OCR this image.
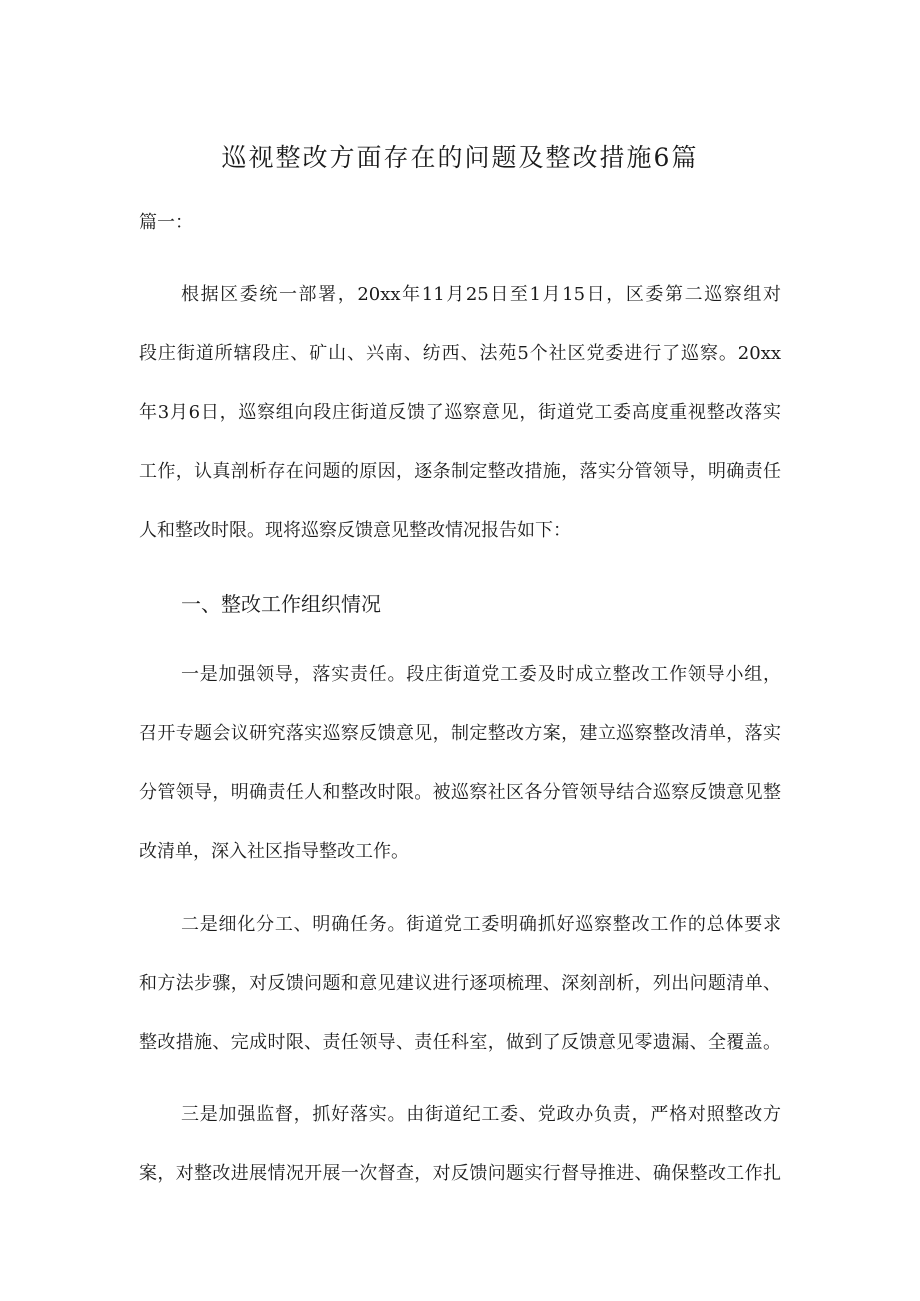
巡视整改方面存在的问题及整改措施6篇
篇一：
根据区委统一部署，20xx年11月25日至1月15日，区委第二巡察组对
段庄街道所辖段庄、矿山、兴南、纺西、法苑5个社区党委进行了巡察。20xx
年3月6日，巡察组向段庄街道反馈了巡察意见，街道党工委高度重视整改落实
工作，认真剖析存在问题的原因，逐条制定整改措施，落实分管领导，明确责任
人和整改时限。现将巡察反馈意见整改情况报告如下：
一、整改工作组织情况
一是加强领导，落实责任。段庄街道党工委及时成立整改工作领导小组，
召开专题会议研究落实巡察反馈意见，制定整改方案，建立巡察整改清单，落实
分管领导，明确责任人和整改时限。被巡察社区各分管领导结合巡察反馈意见整
改清单，深入社区指导整改工作。
二是细化分工、明确任务。街道党工委明确抓好巡察整改工作的总体要求
和方法步骤，对反馈问题和意见建议进行逐项梳理、深刻剖析，列出问题清单、
整改措施、完成时限、责任领导、责任科室，做到了反馈意见零遗漏、全覆盖。
三是加强监督，抓好落实。由街道纪工委、党政办负责，严格对照整改方
案，对整改进展情况开展一次督查，对反馈问题实行督导推进、确保整改工作扎
